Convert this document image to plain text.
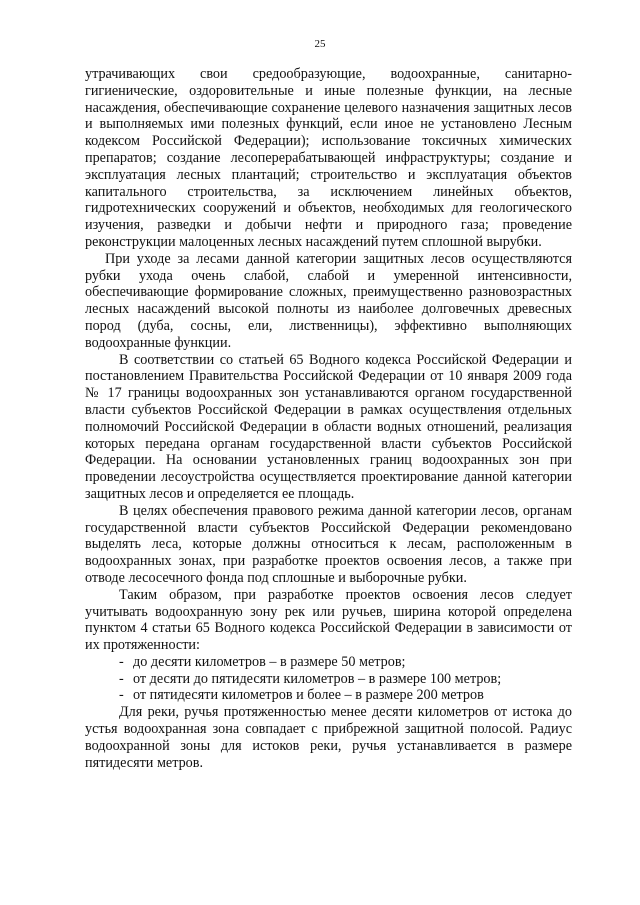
25

утрачивающих свои средообразующие, водоохранные, санитарно-гигиенические, оздоровительные и иные полезные функции, на лесные насаждения, обеспечивающие сохранение целевого назначения защитных лесов и выполняемых ими полезных функций, если иное не установлено Лесным кодексом Российской Федерации); использование токсичных химических препаратов; создание лесоперерабатывающей инфраструктуры; создание и эксплуатация лесных плантаций; строительство и эксплуатация объектов капитального строительства, за исключением линейных объектов, гидротехнических сооружений и объектов, необходимых для геологического изучения, разведки и добычи нефти и природного газа; проведение реконструкции малоценных лесных насаждений путем сплошной вырубки.

При уходе за лесами данной категории защитных лесов осуществляются рубки ухода очень слабой, слабой и умеренной интенсивности, обеспечивающие формирование сложных, преимущественно разновозрастных лесных насаждений высокой полноты из наиболее долговечных древесных пород (дуба, сосны, ели, лиственницы), эффективно выполняющих водоохранные функции.

В соответствии со статьей 65 Водного кодекса Российской Федерации и постановлением Правительства Российской Федерации от 10 января 2009 года № 17 границы водоохранных зон устанавливаются органом государственной власти субъектов Российской Федерации в рамках осуществления отдельных полномочий Российской Федерации в области водных отношений, реализация которых передана органам государственной власти субъектов Российской Федерации. На основании установленных границ водоохранных зон при проведении лесоустройства осуществляется проектирование данной категории защитных лесов и определяется ее площадь.

В целях обеспечения правового режима данной категории лесов, органам государственной власти субъектов Российской Федерации рекомендовано выделять леса, которые должны относиться к лесам, расположенным в водоохранных зонах, при разработке проектов освоения лесов, а также при отводе лесосечного фонда под сплошные и выборочные рубки.

Таким образом, при разработке проектов освоения лесов следует учитывать водоохранную зону рек или ручьев, ширина которой определена пунктом 4 статьи 65 Водного кодекса Российской Федерации в зависимости от их протяженности:

- до десяти километров – в размере 50 метров;
- от десяти до пятидесяти километров – в размере 100 метров;
- от пятидесяти километров и более – в размере 200 метров

Для реки, ручья протяженностью менее десяти километров от истока до устья водоохранная зона совпадает с прибрежной защитной полосой. Радиус водоохранной зоны для истоков реки, ручья устанавливается в размере пятидесяти метров.
